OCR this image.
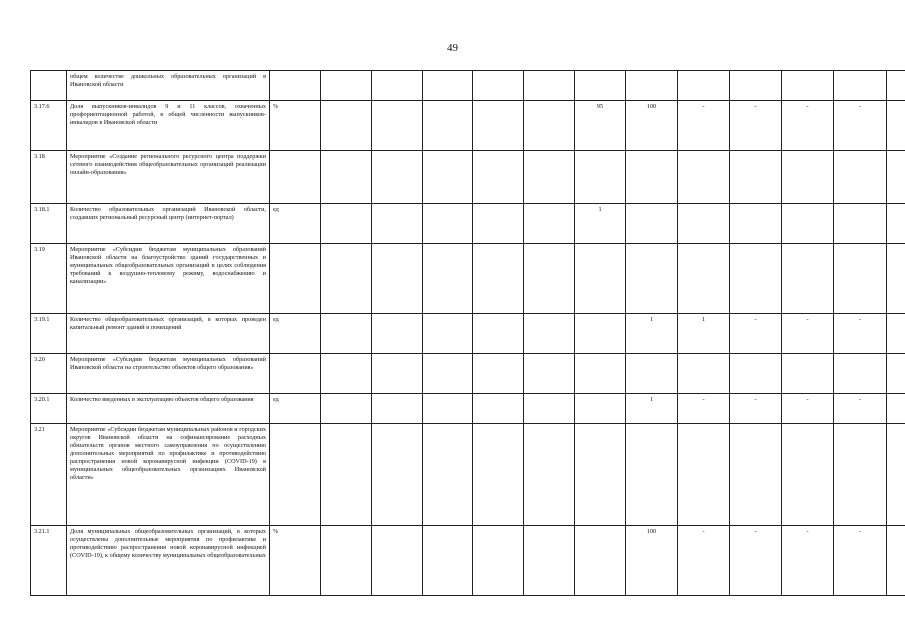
49
	общем количестве дошкольных образовательных организаций в Ивановской области													
3.17.6	Доля выпускников-инвалидов 9 и 11 классов, охваченных профориентационной работой, в общей численности выпускников-инвалидов в Ивановской области	%						95	100	-	-	-	-	
3.18	Мероприятие «Создание регионального ресурсного центра поддержки сетевого взаимодействия общеобразовательных организаций реализации онлайн-образования»													
3.18.1	Количество образовательных организаций Ивановской области, создавших региональный ресурсный центр (интернет-портал)	ед						1						
3.19	Мероприятие «Субсидии бюджетам муниципальных образований Ивановской области на благоустройство зданий государственных и муниципальных общеобразовательных организаций в целях соблюдения требований к воздушно-тепловому режиму, водоснабжению и канализации»													
3.19.1	Количество общеобразовательных организаций, в которых проведен капитальный ремонт зданий и помещений	ед							1	1	-	-	-	
3.20	Мероприятие «Субсидии бюджетам муниципальных образований Ивановской области на строительство объектов общего образования»													
3.20.1	Количество введенных в эксплуатацию объектов общего образования	ед							1	-	-	-	-	
3.21	Мероприятие «Субсидии бюджетам муниципальных районов и городских округов Ивановской области на софинансирование расходных обязательств органов местного самоуправления по осуществлению дополнительных мероприятий по профилактике и противодействию распространения новой коронавирусной инфекции (COVID-19) в муниципальных общеобразовательных организациях Ивановской области»													
3.21.1	Доля муниципальных общеобразовательных организаций, в которых осуществлены дополнительные мероприятия по профилактике и противодействию распространения новой коронавирусной инфекцией (COVID-19), к общему количеству муниципальных общеобразовательных	%							100	-	-	-	-	
